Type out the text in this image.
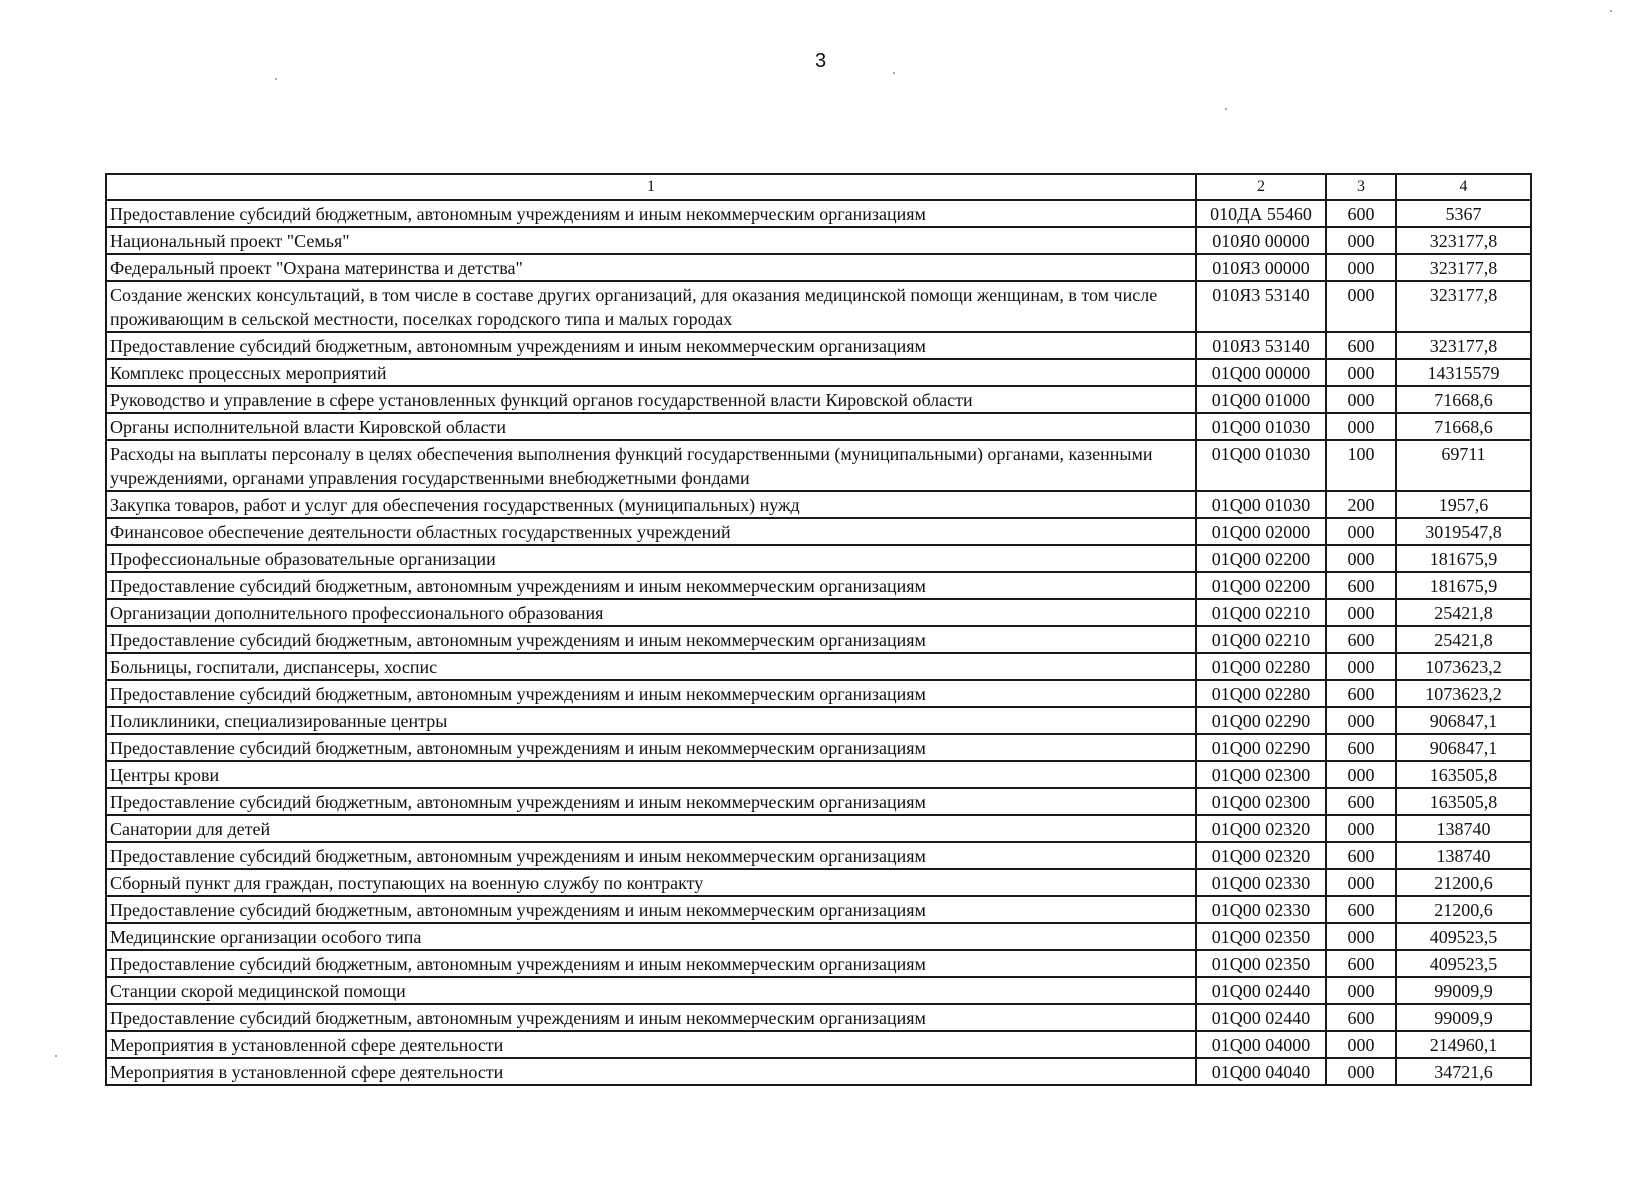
3
1	2	3	4
Предоставление субсидий бюджетным, автономным учреждениям и иным некоммерческим организациям	010ДА 55460	600	5367
Национальный проект "Семья"	010Я0 00000	000	323177,8
Федеральный проект "Охрана материнства и детства"	010Я3 00000	000	323177,8
Создание женских консультаций, в том числе в составе других организаций, для оказания медицинской помощи женщинам, в том числе проживающим в сельской местности, поселках городского типа и малых городах	010Я3 53140	000	323177,8
Предоставление субсидий бюджетным, автономным учреждениям и иным некоммерческим организациям	010Я3 53140	600	323177,8
Комплекс процессных мероприятий	01Q00 00000	000	14315579
Руководство и управление в сфере установленных функций органов государственной власти Кировской области	01Q00 01000	000	71668,6
Органы исполнительной власти Кировской области	01Q00 01030	000	71668,6
Расходы на выплаты персоналу в целях обеспечения выполнения функций государственными (муниципальными) органами, казенными учреждениями, органами управления государственными внебюджетными фондами	01Q00 01030	100	69711
Закупка товаров, работ и услуг для обеспечения государственных (муниципальных) нужд	01Q00 01030	200	1957,6
Финансовое обеспечение деятельности областных государственных учреждений	01Q00 02000	000	3019547,8
Профессиональные образовательные организации	01Q00 02200	000	181675,9
Предоставление субсидий бюджетным, автономным учреждениям и иным некоммерческим организациям	01Q00 02200	600	181675,9
Организации дополнительного профессионального образования	01Q00 02210	000	25421,8
Предоставление субсидий бюджетным, автономным учреждениям и иным некоммерческим организациям	01Q00 02210	600	25421,8
Больницы, госпитали, диспансеры, хоспис	01Q00 02280	000	1073623,2
Предоставление субсидий бюджетным, автономным учреждениям и иным некоммерческим организациям	01Q00 02280	600	1073623,2
Поликлиники, специализированные центры	01Q00 02290	000	906847,1
Предоставление субсидий бюджетным, автономным учреждениям и иным некоммерческим организациям	01Q00 02290	600	906847,1
Центры крови	01Q00 02300	000	163505,8
Предоставление субсидий бюджетным, автономным учреждениям и иным некоммерческим организациям	01Q00 02300	600	163505,8
Санатории для детей	01Q00 02320	000	138740
Предоставление субсидий бюджетным, автономным учреждениям и иным некоммерческим организациям	01Q00 02320	600	138740
Сборный пункт для граждан, поступающих на военную службу по контракту	01Q00 02330	000	21200,6
Предоставление субсидий бюджетным, автономным учреждениям и иным некоммерческим организациям	01Q00 02330	600	21200,6
Медицинские организации особого типа	01Q00 02350	000	409523,5
Предоставление субсидий бюджетным, автономным учреждениям и иным некоммерческим организациям	01Q00 02350	600	409523,5
Станции скорой медицинской помощи	01Q00 02440	000	99009,9
Предоставление субсидий бюджетным, автономным учреждениям и иным некоммерческим организациям	01Q00 02440	600	99009,9
Мероприятия в установленной сфере деятельности	01Q00 04000	000	214960,1
Мероприятия в установленной сфере деятельности	01Q00 04040	000	34721,6
